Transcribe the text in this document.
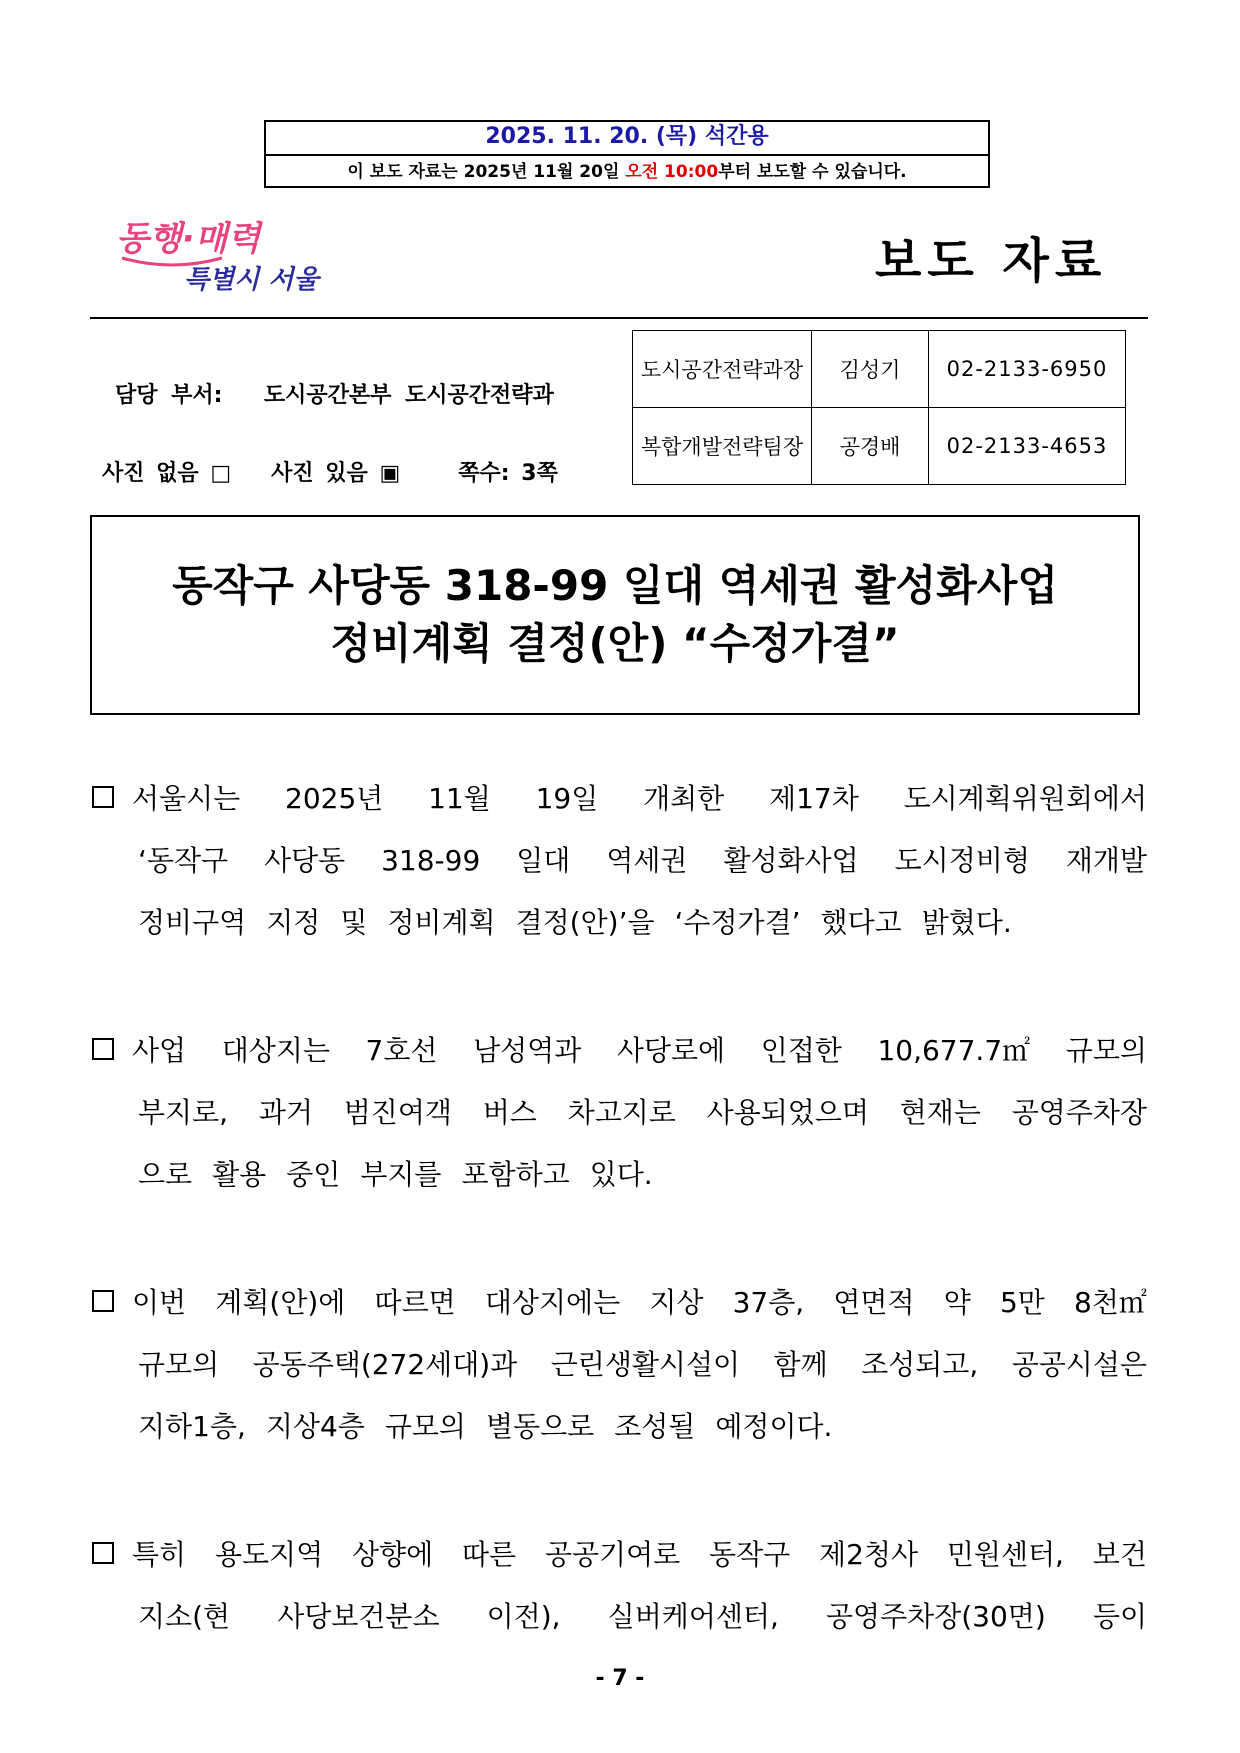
2025. 11. 20. (목) 석간용
이 보도 자료는 2025년 11월 20일 오전 10:00부터 보도할 수 있습니다.
동행·매력
특별시 서울	보도 자료
담당 부서: 도시공간본부 도시공간전략과
사진 없음 □ 사진 있음 ▣	쪽수: 3쪽
도시공간전략과장	김성기	02-2133-6950
복합개발전략팀장	공경배	02-2133-4653
동작구 사당동 318-99 일대 역세권 활성화사업
정비계획 결정(안) “수정가결”
서울시는 2025년 11월 19일 개최한 제17차 도시계획위원회에서
‘동작구 사당동 318-99 일대 역세권 활성화사업 도시정비형 재개발
정비구역 지정 및 정비계획 결정(안)’을 ‘수정가결’ 했다고 밝혔다.
사업 대상지는 7호선 남성역과 사당로에 인접한 10,677.7㎡ 규모의
부지로, 과거 범진여객 버스 차고지로 사용되었으며 현재는 공영주차장
으로 활용 중인 부지를 포함하고 있다.
이번 계획(안)에 따르면 대상지에는 지상 37층, 연면적 약 5만 8천㎡
규모의 공동주택(272세대)과 근린생활시설이 함께 조성되고, 공공시설은
지하1층, 지상4층 규모의 별동으로 조성될 예정이다.
특히 용도지역 상향에 따른 공공기여로 동작구 제2청사 민원센터, 보건
지소(현 사당보건분소 이전), 실버케어센터, 공영주차장(30면) 등이
- 7 -
